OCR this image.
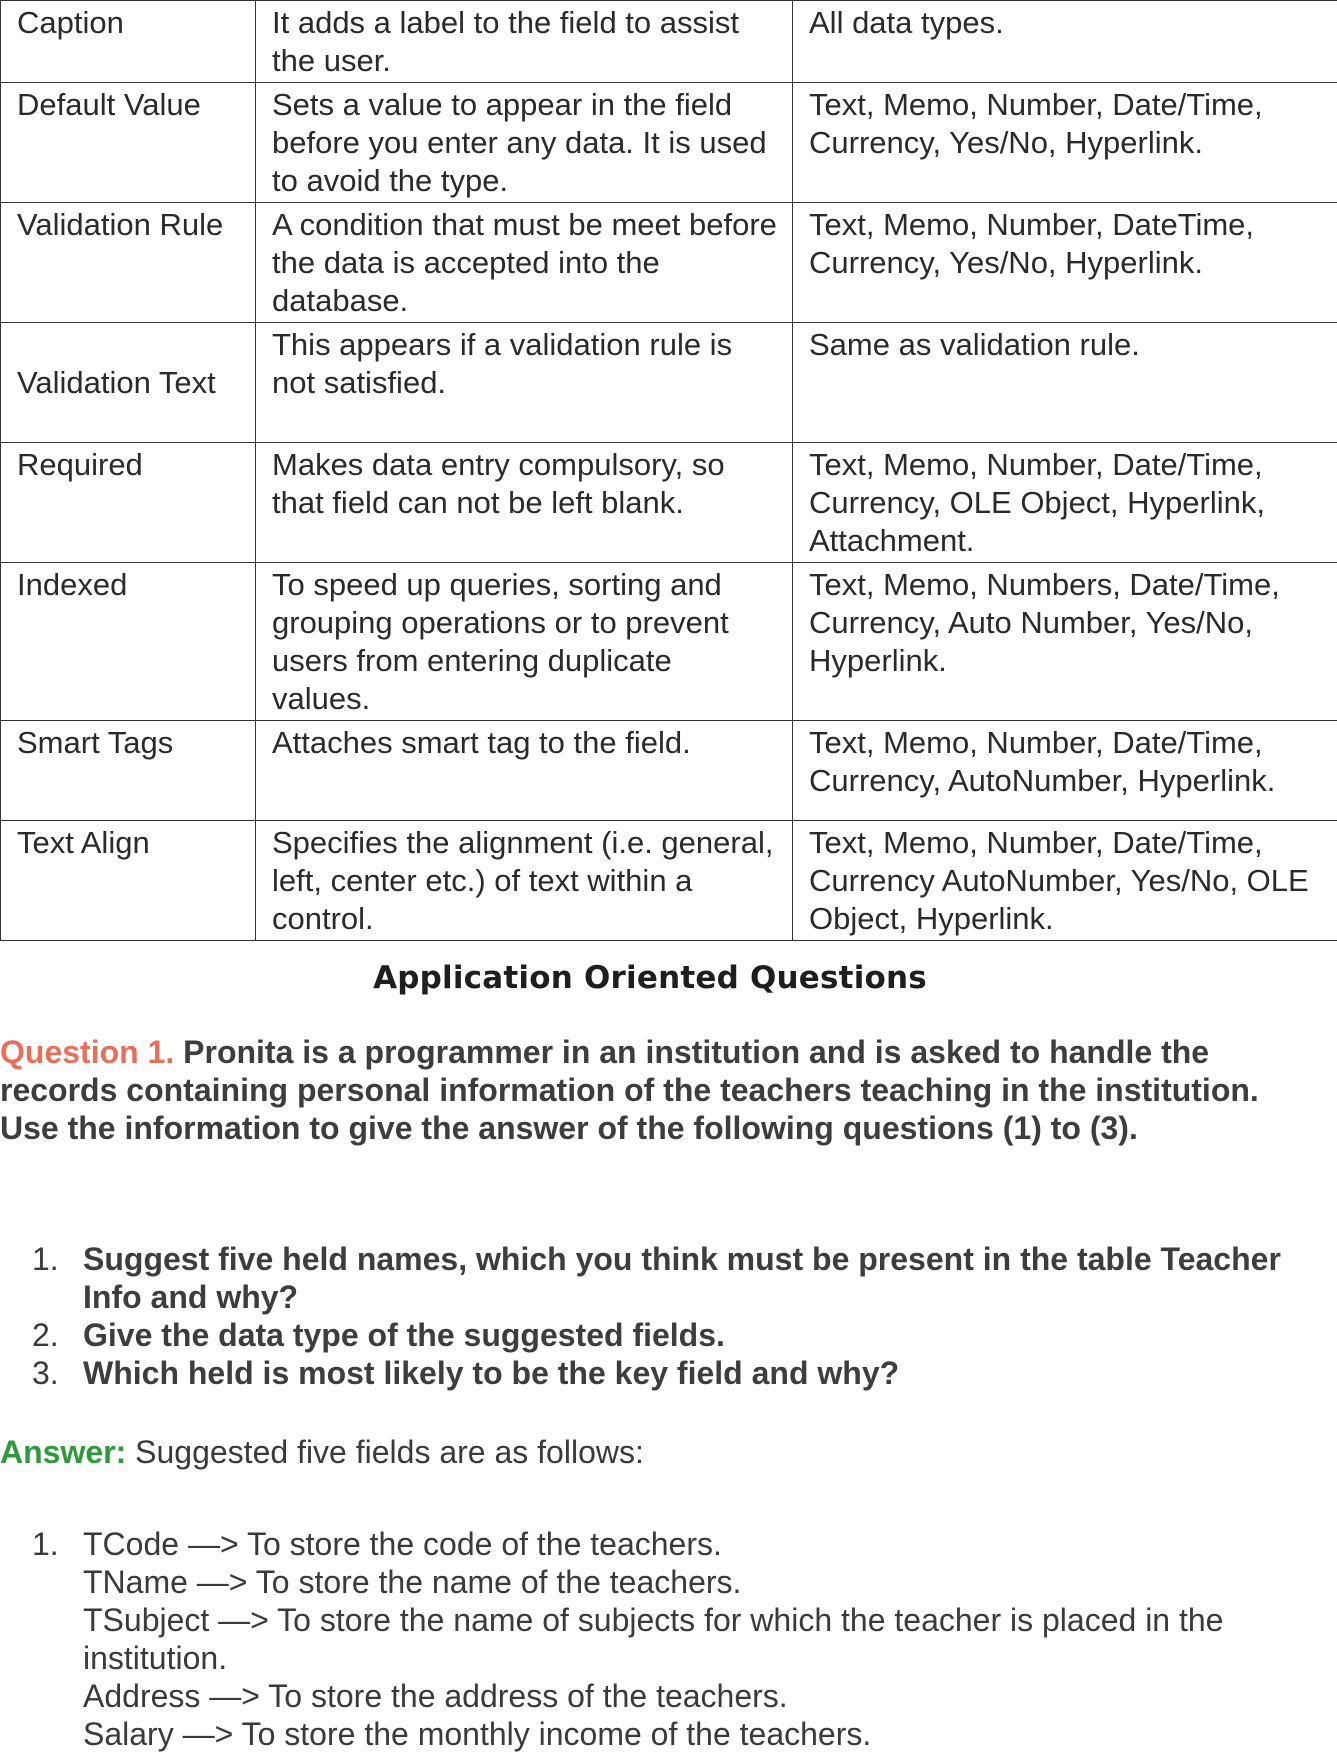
Caption	It adds a label to the field to assist the user.	All data types.
Default Value	Sets a value to appear in the field before you enter any data. It is used to avoid the type.	Text, Memo, Number, Date/Time, Currency, Yes/No, Hyperlink.
Validation Rule	A condition that must be meet before the data is accepted into the database.	Text, Memo, Number, DateTime, Currency, Yes/No, Hyperlink.
Validation Text	This appears if a validation rule is not satisfied.	Same as validation rule.
Required	Makes data entry compulsory, so that field can not be left blank.	Text, Memo, Number, Date/Time, Currency, OLE Object, Hyperlink, Attachment.
Indexed	To speed up queries, sorting and grouping operations or to prevent users from entering duplicate values.	Text, Memo, Numbers, Date/Time, Currency, Auto Number, Yes/No, Hyperlink.
Smart Tags	Attaches smart tag to the field.	Text, Memo, Number, Date/Time, Currency, AutoNumber, Hyperlink.
Text Align	Specifies the alignment (i.e. general, left, center etc.) of text within a control.	Text, Memo, Number, Date/Time, Currency AutoNumber, Yes/No, OLE Object, Hyperlink.
Application Oriented Questions
Question 1. Pronita is a programmer in an institution and is asked to handle the records containing personal information of the teachers teaching in the institution.
Use the information to give the answer of the following questions (1) to (3).
1. Suggest five held names, which you think must be present in the table Teacher Info and why?
2. Give the data type of the suggested fields.
3. Which held is most likely to be the key field and why?
Answer: Suggested five fields are as follows:
1. TCode —> To store the code of the teachers.
TName —> To store the name of the teachers.
TSubject —> To store the name of subjects for which the teacher is placed in the institution.
Address —> To store the address of the teachers.
Salary —> To store the monthly income of the teachers.
